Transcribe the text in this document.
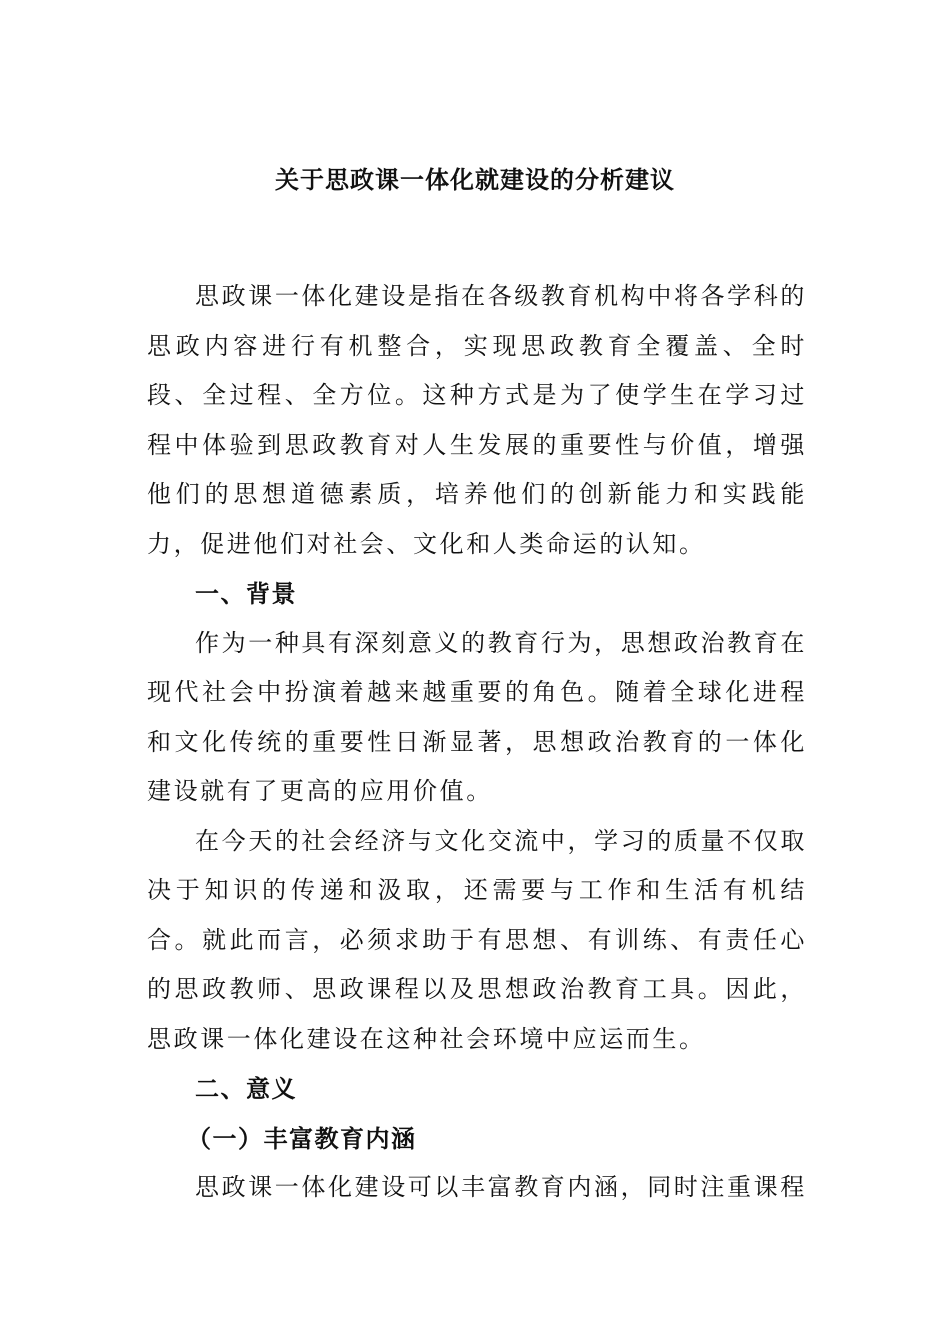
关于思政课一体化就建设的分析建议

思政课一体化建设是指在各级教育机构中将各学科的思政内容进行有机整合，实现思政教育全覆盖、全时段、全过程、全方位。这种方式是为了使学生在学习过程中体验到思政教育对人生发展的重要性与价值，增强他们的思想道德素质，培养他们的创新能力和实践能力，促进他们对社会、文化和人类命运的认知。

一、背景

作为一种具有深刻意义的教育行为，思想政治教育在现代社会中扮演着越来越重要的角色。随着全球化进程和文化传统的重要性日渐显著，思想政治教育的一体化建设就有了更高的应用价值。

在今天的社会经济与文化交流中，学习的质量不仅取决于知识的传递和汲取，还需要与工作和生活有机结合。就此而言，必须求助于有思想、有训练、有责任心的思政教师、思政课程以及思想政治教育工具。因此，思政课一体化建设在这种社会环境中应运而生。

二、意义

（一）丰富教育内涵

思政课一体化建设可以丰富教育内涵，同时注重课程
